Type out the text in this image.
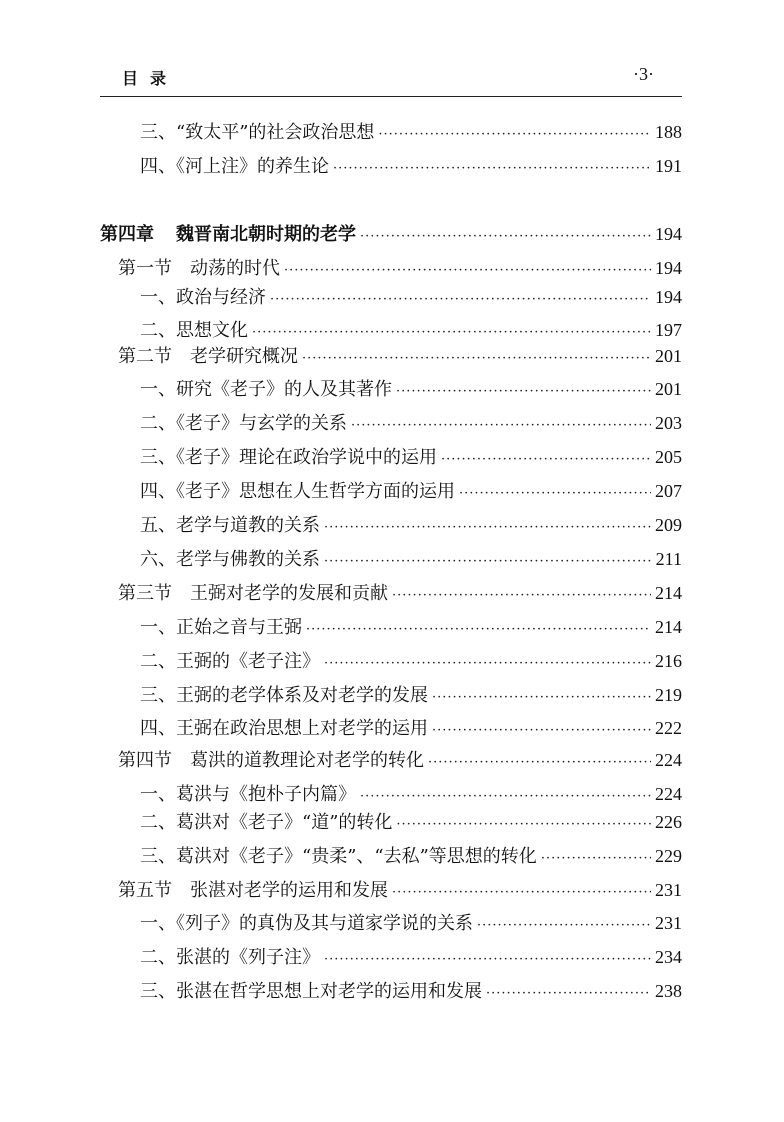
目录	·3·
三、“致太平”的社会政治思想 ·····	188
四、《河上注》的养生论 ·····	191
第四章 魏晋南北朝时期的老学 ·····	194
第一节 动荡的时代 ·····	194
一、政治与经济 ·····	194
二、思想文化 ·····	197
第二节 老学研究概况 ·····	201
一、研究《老子》的人及其著作 ·····	201
二、《老子》与玄学的关系 ·····	203
三、《老子》理论在政治学说中的运用 ·····	205
四、《老子》思想在人生哲学方面的运用 ·····	207
五、老学与道教的关系 ·····	209
六、老学与佛教的关系 ·····	211
第三节 王弼对老学的发展和贡献 ·····	214
一、正始之音与王弼 ·····	214
二、王弼的《老子注》 ·····	216
三、王弼的老学体系及对老学的发展 ·····	219
四、王弼在政治思想上对老学的运用 ·····	222
第四节 葛洪的道教理论对老学的转化 ·····	224
一、葛洪与《抱朴子内篇》 ·····	224
二、葛洪对《老子》“道”的转化 ·····	226
三、葛洪对《老子》“贵柔”、“去私”等思想的转化 ·····	229
第五节 张湛对老学的运用和发展 ·····	231
一、《列子》的真伪及其与道家学说的关系 ·····	231
二、张湛的《列子注》 ·····	234
三、张湛在哲学思想上对老学的运用和发展 ·····	238
